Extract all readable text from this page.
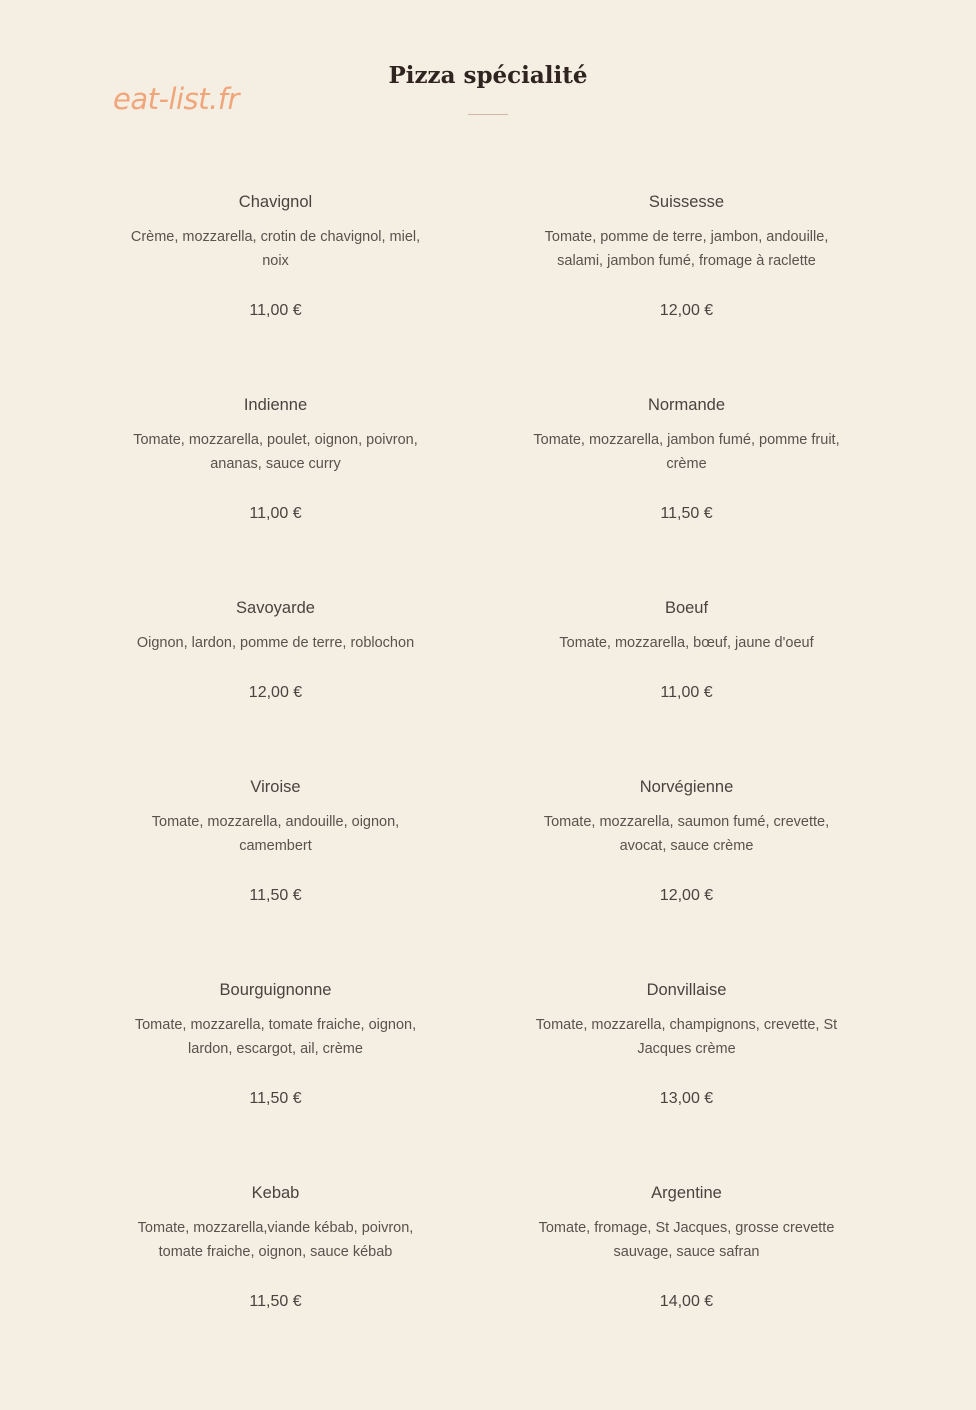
eat-list.fr
Pizza spécialité
Chavignol
Crème, mozzarella, crotin de chavignol, miel, noix
11,00 €
Suissesse
Tomate, pomme de terre, jambon, andouille, salami, jambon fumé, fromage à raclette
12,00 €
Indienne
Tomate, mozzarella, poulet, oignon, poivron, ananas, sauce curry
11,00 €
Normande
Tomate, mozzarella, jambon fumé, pomme fruit, crème
11,50 €
Savoyarde
Oignon, lardon, pomme de terre, roblochon
12,00 €
Boeuf
Tomate, mozzarella, bœuf, jaune d'oeuf
11,00 €
Viroise
Tomate, mozzarella, andouille, oignon, camembert
11,50 €
Norvégienne
Tomate, mozzarella, saumon fumé, crevette, avocat, sauce crème
12,00 €
Bourguignonne
Tomate, mozzarella, tomate fraiche, oignon, lardon, escargot, ail, crème
11,50 €
Donvillaise
Tomate, mozzarella, champignons, crevette, St Jacques crème
13,00 €
Kebab
Tomate, mozzarella,viande kébab, poivron, tomate fraiche, oignon, sauce kébab
11,50 €
Argentine
Tomate, fromage, St Jacques, grosse crevette sauvage, sauce safran
14,00 €
